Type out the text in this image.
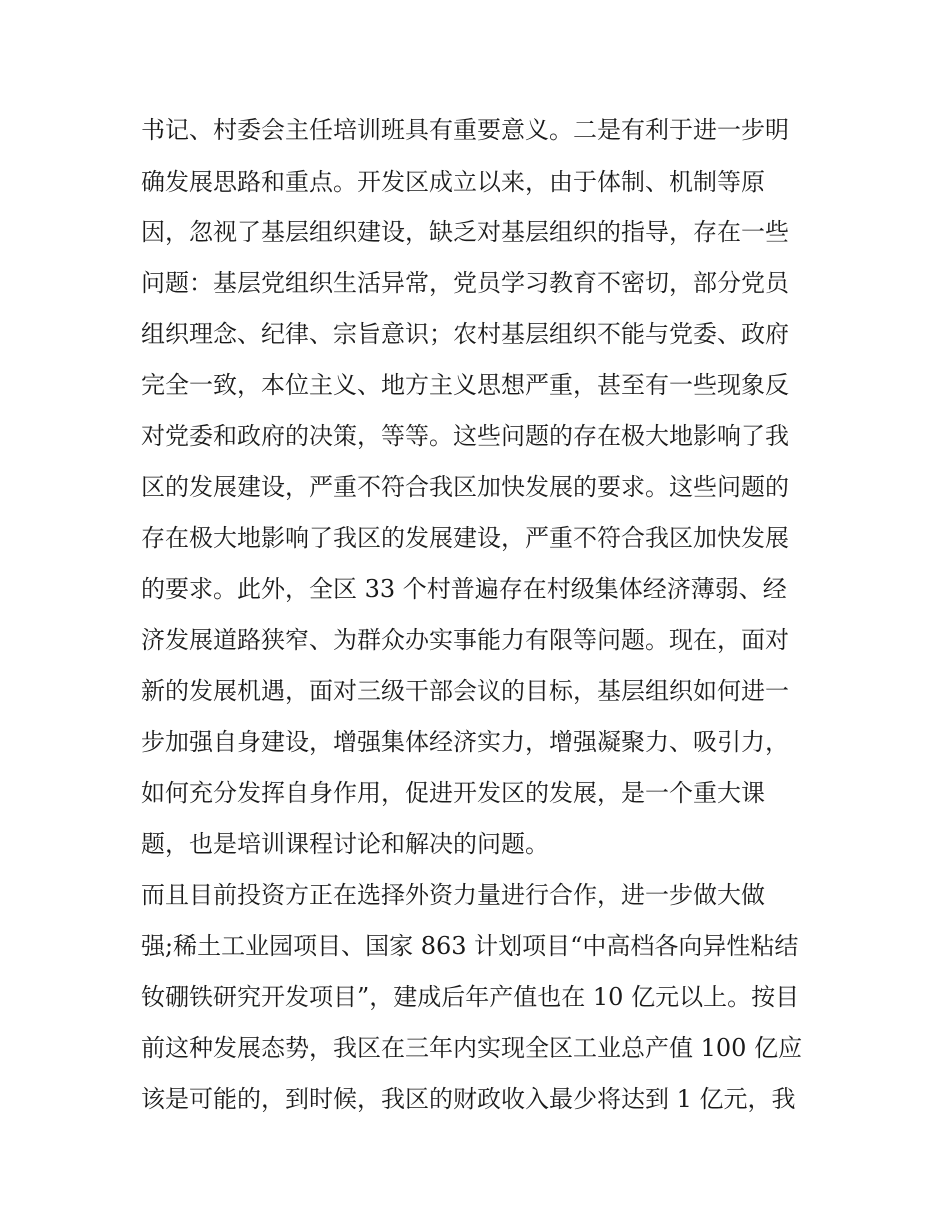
书记、村委会主任培训班具有重要意义。二是有利于进一步明
确发展思路和重点。开发区成立以来，由于体制、机制等原
因，忽视了基层组织建设，缺乏对基层组织的指导，存在一些
问题：基层党组织生活异常，党员学习教育不密切，部分党员
组织理念、纪律、宗旨意识；农村基层组织不能与党委、政府
完全一致，本位主义、地方主义思想严重，甚至有一些现象反
对党委和政府的决策，等等。这些问题的存在极大地影响了我
区的发展建设，严重不符合我区加快发展的要求。这些问题的
存在极大地影响了我区的发展建设，严重不符合我区加快发展
的要求。此外，全区 33 个村普遍存在村级集体经济薄弱、经
济发展道路狭窄、为群众办实事能力有限等问题。现在，面对
新的发展机遇，面对三级干部会议的目标，基层组织如何进一
步加强自身建设，增强集体经济实力，增强凝聚力、吸引力，
如何充分发挥自身作用，促进开发区的发展，是一个重大课
题，也是培训课程讨论和解决的问题。
而且目前投资方正在选择外资力量进行合作，进一步做大做
强;稀土工业园项目、国家 863 计划项目“中高档各向异性粘结
钕硼铁研究开发项目”，建成后年产值也在 10 亿元以上。按目
前这种发展态势，我区在三年内实现全区工业总产值 100 亿应
该是可能的，到时候，我区的财政收入最少将达到 1 亿元，我
